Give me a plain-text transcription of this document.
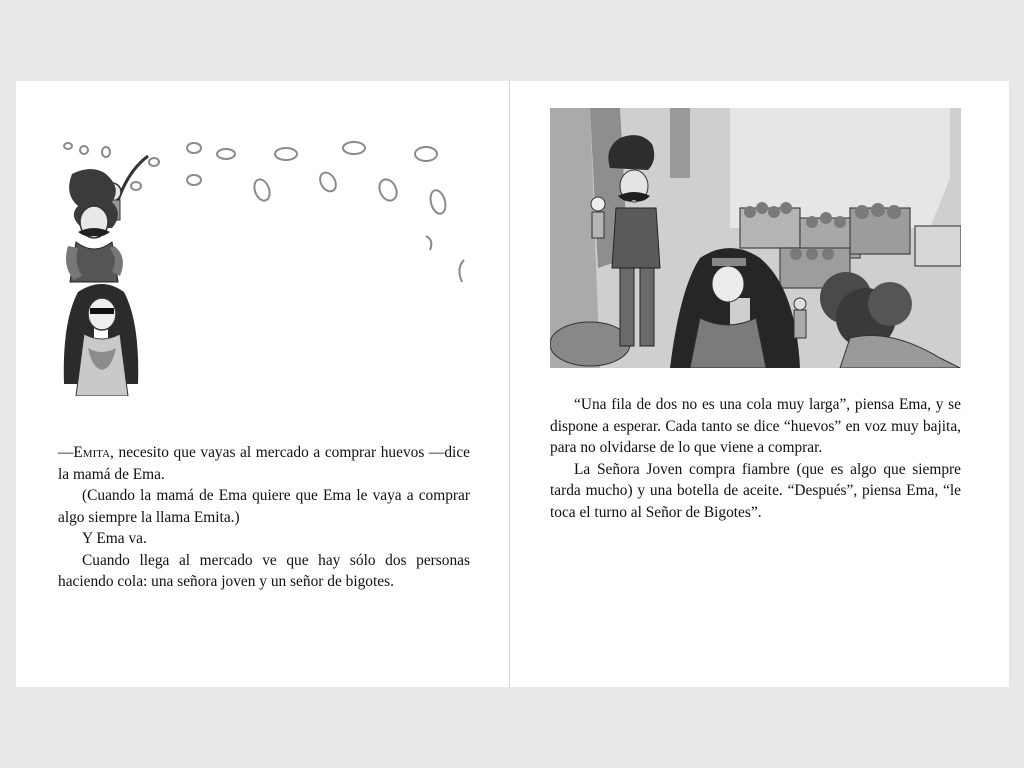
—Emita, necesito que vayas al mercado a comprar huevos —dice la mamá de Ema.

(Cuando la mamá de Ema quiere que Ema le vaya a comprar algo siempre la llama Emita.)

Y Ema va.

Cuando llega al mercado ve que hay sólo dos personas haciendo cola: una señora joven y un señor de bigotes.

“Una fila de dos no es una cola muy larga”, piensa Ema, y se dispone a esperar. Cada tanto se dice “huevos” en voz muy bajita, para no olvidarse de lo que viene a comprar.

La Señora Joven compra fiambre (que es algo que siempre tarda mucho) y una botella de aceite. “Después”, piensa Ema, “le toca el turno al Señor de Bigotes”.
